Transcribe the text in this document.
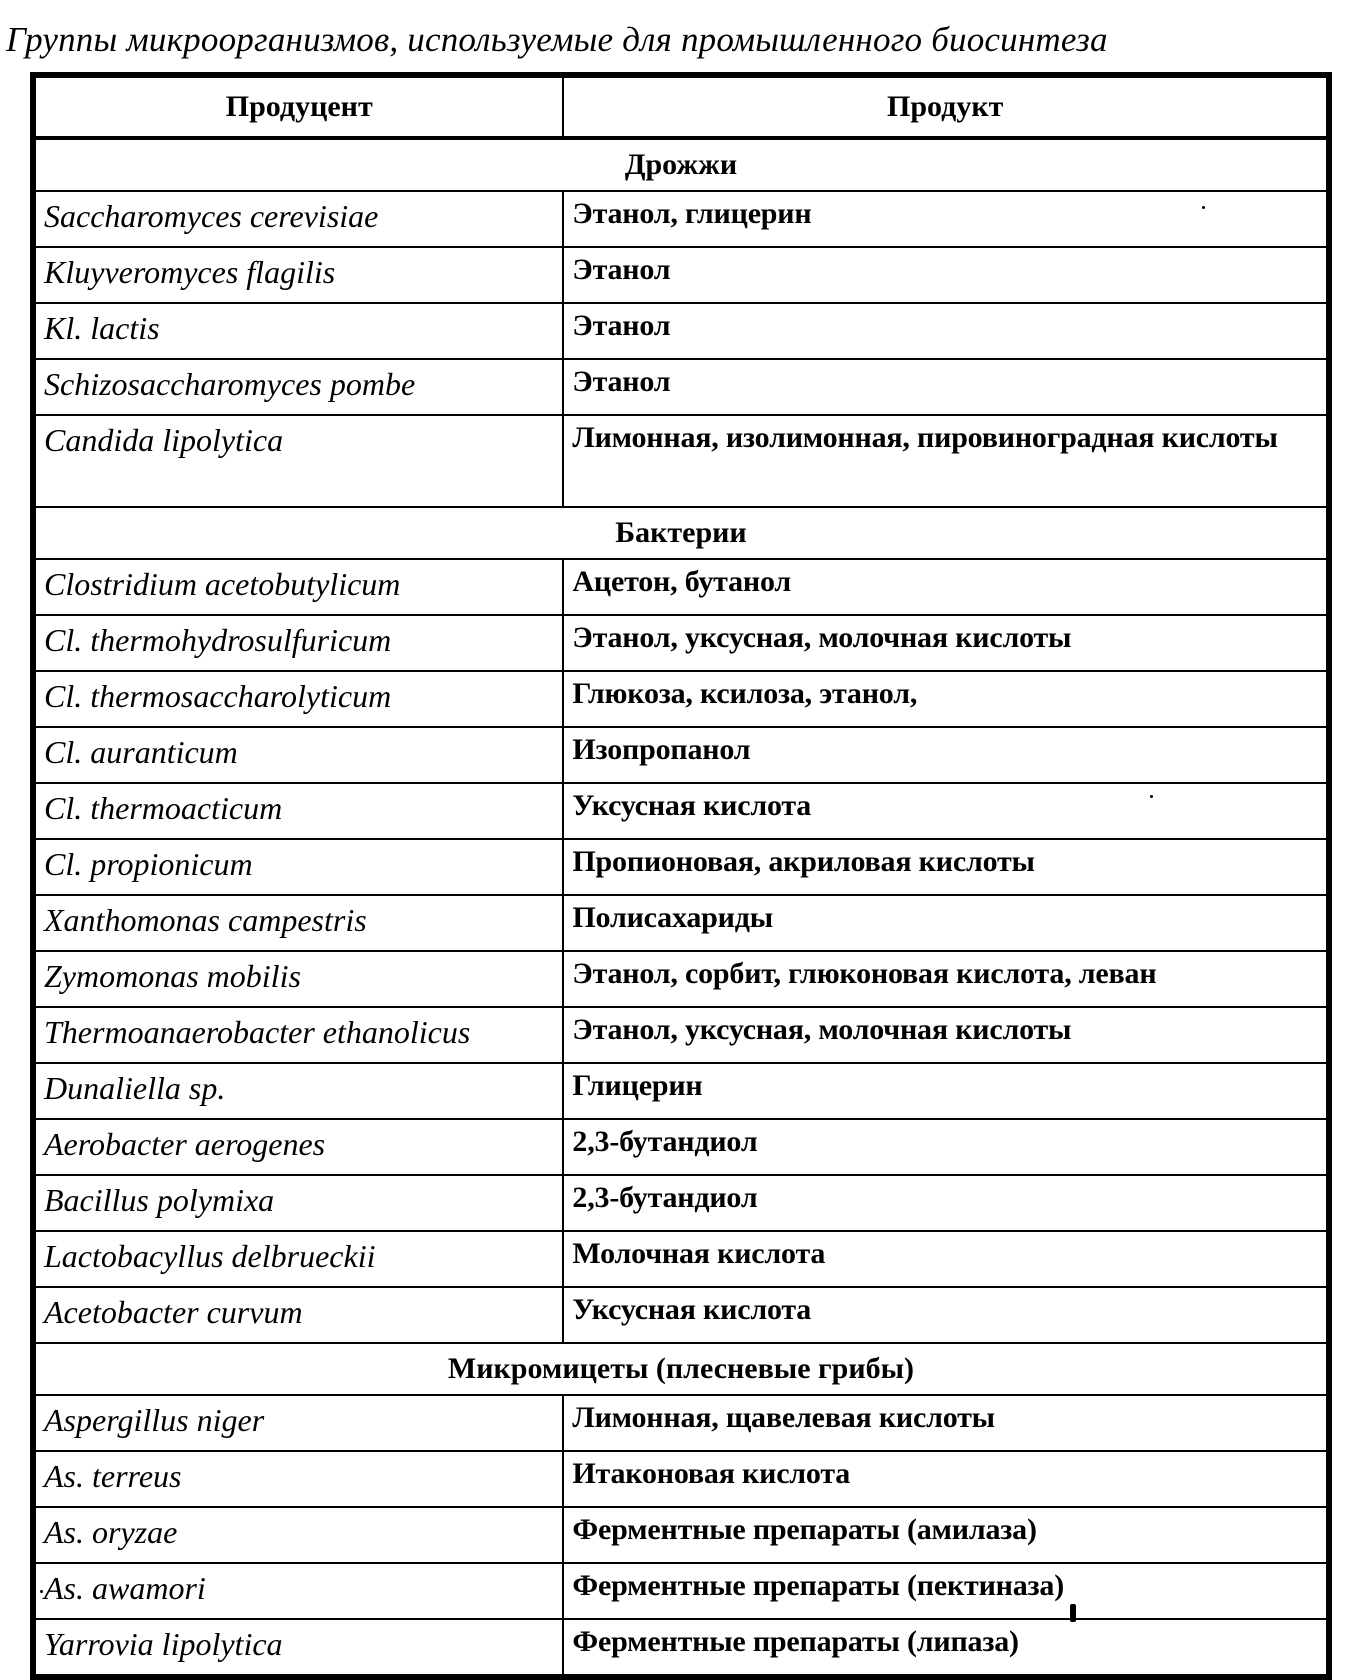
Группы микроорганизмов, используемые для промышленного биосинтеза
Продуцент	Продукт
Дрожжи	
Saccharomyces cerevisiae	Этанол, глицерин
Kluyveromyces flagilis	Этанол
Kl. lactis	Этанол
Schizosaccharomyces pombe	Этанол
Candida lipolytica	Лимонная, изолимонная, пировиноградная кислоты
Бактерии	
Clostridium acetobutylicum	Ацетон, бутанол
Cl. thermohydrosulfuricum	Этанол, уксусная, молочная кислоты
Cl. thermosaccharolyticum	Глюкоза, ксилоза, этанол,
Cl. auranticum	Изопропанол
Cl. thermoacticum	Уксусная кислота
Cl. propionicum	Пропионовая, акриловая кислоты
Xanthomonas campestris	Полисахариды
Zymomonas mobilis	Этанол, сорбит, глюконовая кислота, леван
Thermoanaerobacter ethanolicus	Этанол, уксусная, молочная кислоты
Dunaliella sp.	Глицерин
Aerobacter aerogenes	2,3-бутандиол
Bacillus polymixa	2,3-бутандиол
Lactobacyllus delbrueckii	Молочная кислота
Acetobacter curvum	Уксусная кислота
Микромицеты (плесневые грибы)	
Aspergillus niger	Лимонная, щавелевая кислоты
As. terreus	Итаконовая кислота
As. oryzae	Ферментные препараты (амилаза)
As. awamori	Ферментные препараты (пектиназа)
Yarrovia lipolytica	Ферментные препараты (липаза)
